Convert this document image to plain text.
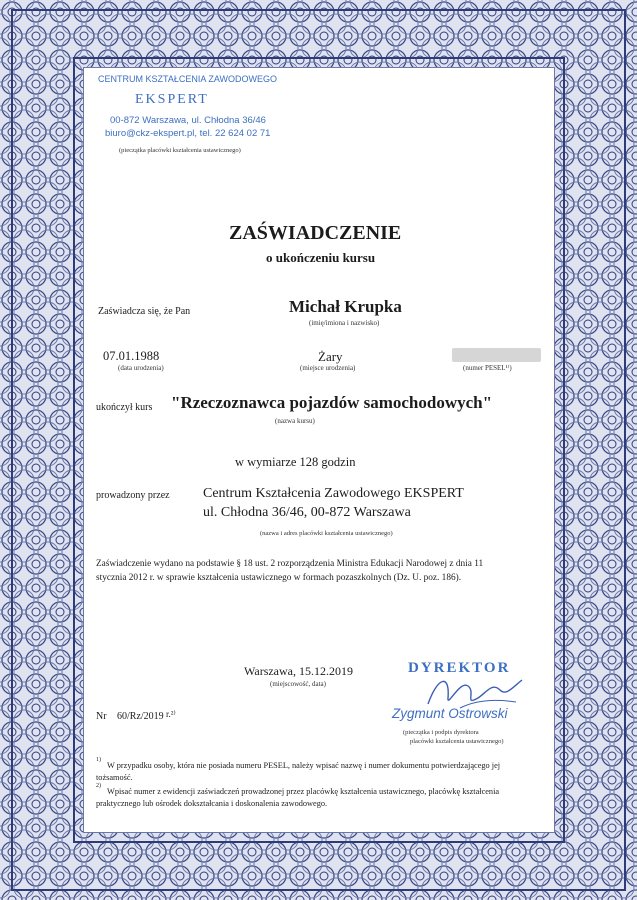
CENTRUM KSZTAŁCENIA ZAWODOWEGO
EKSPERT
00-872 Warszawa, ul. Chłodna 36/46
biuro@ckz-ekspert.pl, tel. 22 624 02 71
(pieczątka placówki kształcenia ustawicznego)
ZAŚWIADCZENIE
o ukończeniu kursu
Zaświadcza się, że Pan	Michał Krupka
(imię/imiona i nazwisko)
07.01.1988
(data urodzenia)
Żary
(miejsce urodzenia)	(numer PESEL¹⁾)
ukończył kurs "Rzeczoznawca pojazdów samochodowych"
(nazwa kursu)
w wymiarze 128 godzin
prowadzony przez Centrum Kształcenia Zawodowego EKSPERT
ul. Chłodna 36/46, 00-872 Warszawa
(nazwa i adres placówki kształcenia ustawicznego)
Zaświadczenie wydano na podstawie § 18 ust. 2 rozporządzenia Ministra Edukacji Narodowej z dnia 11
stycznia 2012 r. w sprawie kształcenia ustawicznego w formach pozaszkolnych (Dz. U. poz. 186).
Warszawa, 15.12.2019
(miejscowość, data)
Nr 60/Rz/2019 r.²⁾
DYREKTOR
Zygmunt Ostrowski
(pieczątka i podpis dyrektora
placówki kształcenia ustawicznego)
1)
W przypadku osoby, która nie posiada numeru PESEL, należy wpisać nazwę i numer dokumentu potwierdzającego jej
tożsamość.
2)
Wpisać numer z ewidencji zaświadczeń prowadzonej przez placówkę kształcenia ustawicznego, placówkę kształcenia
praktycznego lub ośrodek dokształcania i doskonalenia zawodowego.
